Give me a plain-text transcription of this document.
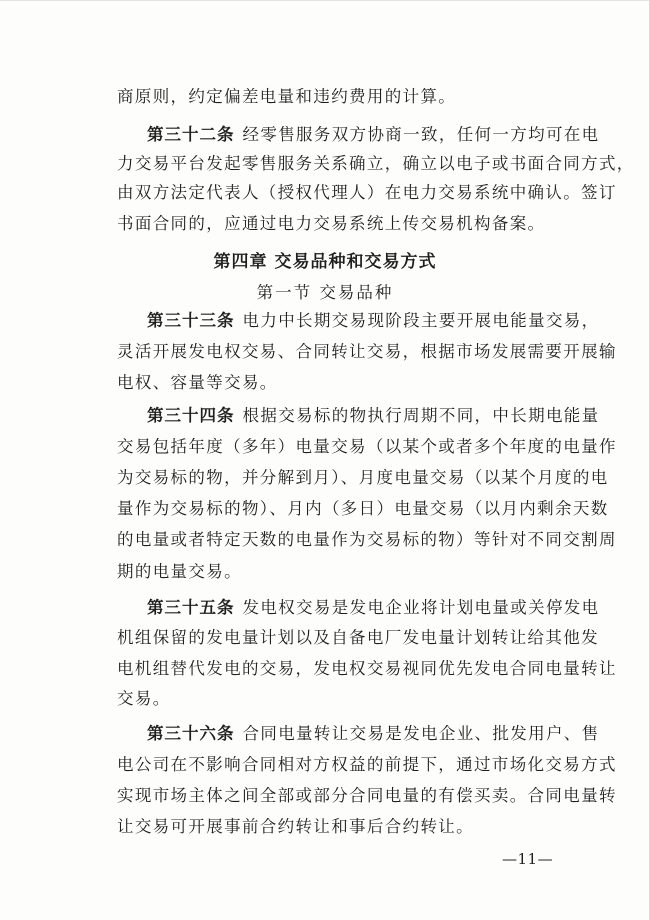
商原则，约定偏差电量和违约费用的计算。
第三十二条 经零售服务双方协商一致，任何一方均可在电
力交易平台发起零售服务关系确立，确立以电子或书面合同方式，
由双方法定代表人（授权代理人）在电力交易系统中确认。签订
书面合同的，应通过电力交易系统上传交易机构备案。
第四章 交易品种和交易方式
第一节 交易品种
第三十三条 电力中长期交易现阶段主要开展电能量交易，
灵活开展发电权交易、合同转让交易，根据市场发展需要开展输
电权、容量等交易。
第三十四条 根据交易标的物执行周期不同，中长期电能量
交易包括年度（多年）电量交易（以某个或者多个年度的电量作
为交易标的物，并分解到月）、月度电量交易（以某个月度的电
量作为交易标的物）、月内（多日）电量交易（以月内剩余天数
的电量或者特定天数的电量作为交易标的物）等针对不同交割周
期的电量交易。
第三十五条 发电权交易是发电企业将计划电量或关停发电
机组保留的发电量计划以及自备电厂发电量计划转让给其他发
电机组替代发电的交易，发电权交易视同优先发电合同电量转让
交易。
第三十六条 合同电量转让交易是发电企业、批发用户、售
电公司在不影响合同相对方权益的前提下，通过市场化交易方式
实现市场主体之间全部或部分合同电量的有偿买卖。合同电量转
让交易可开展事前合约转让和事后合约转让。
—11—
